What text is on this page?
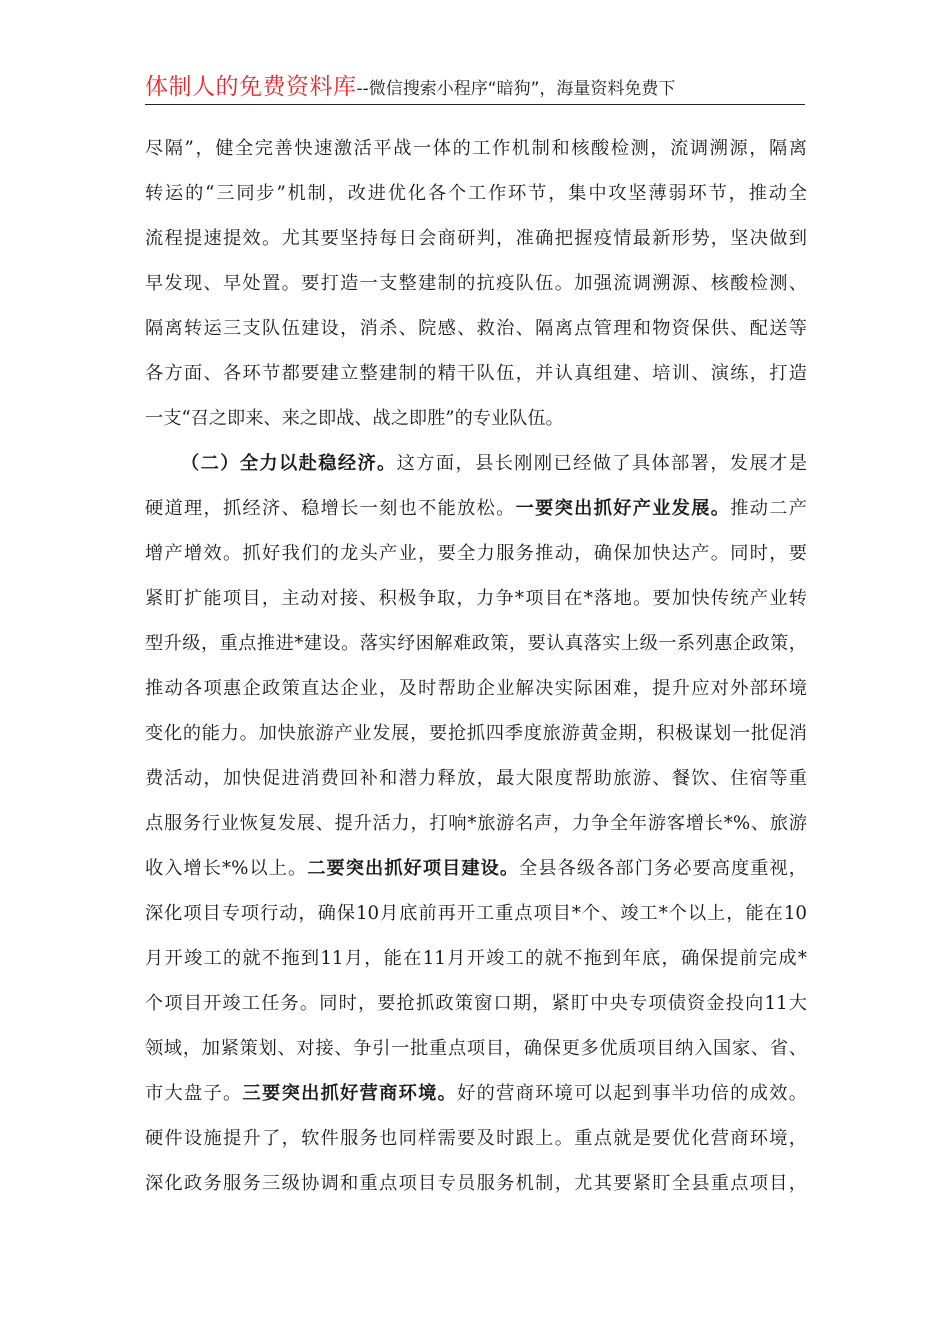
体制人的免费资料库--微信搜索小程序“暗狗”，海量资料免费下
尽隔”，健全完善快速激活平战一体的工作机制和核酸检测，流调溯源，隔离
转运的“三同步”机制，改进优化各个工作环节，集中攻坚薄弱环节，推动全
流程提速提效。尤其要坚持每日会商研判，准确把握疫情最新形势，坚决做到
早发现、早处置。要打造一支整建制的抗疫队伍。加强流调溯源、核酸检测、
隔离转运三支队伍建设，消杀、院感、救治、隔离点管理和物资保供、配送等
各方面、各环节都要建立整建制的精干队伍，并认真组建、培训、演练，打造
一支“召之即来、来之即战、战之即胜”的专业队伍。
（二）全力以赴稳经济。这方面，县长刚刚已经做了具体部署，发展才是
硬道理，抓经济、稳增长一刻也不能放松。一要突出抓好产业发展。推动二产
增产增效。抓好我们的龙头产业，要全力服务推动，确保加快达产。同时，要
紧盯扩能项目，主动对接、积极争取，力争*项目在*落地。要加快传统产业转
型升级，重点推进*建设。落实纾困解难政策，要认真落实上级一系列惠企政策，
推动各项惠企政策直达企业，及时帮助企业解决实际困难，提升应对外部环境
变化的能力。加快旅游产业发展，要抢抓四季度旅游黄金期，积极谋划一批促消
费活动，加快促进消费回补和潜力释放，最大限度帮助旅游、餐饮、住宿等重
点服务行业恢复发展、提升活力，打响*旅游名声，力争全年游客增长*%、旅游
收入增长*%以上。二要突出抓好项目建设。全县各级各部门务必要高度重视，
深化项目专项行动，确保10月底前再开工重点项目*个、竣工*个以上，能在10
月开竣工的就不拖到11月，能在11月开竣工的就不拖到年底，确保提前完成*
个项目开竣工任务。同时，要抢抓政策窗口期，紧盯中央专项债资金投向11大
领域，加紧策划、对接、争引一批重点项目，确保更多优质项目纳入国家、省、
市大盘子。三要突出抓好营商环境。好的营商环境可以起到事半功倍的成效。
硬件设施提升了，软件服务也同样需要及时跟上。重点就是要优化营商环境，
深化政务服务三级协调和重点项目专员服务机制，尤其要紧盯全县重点项目，
